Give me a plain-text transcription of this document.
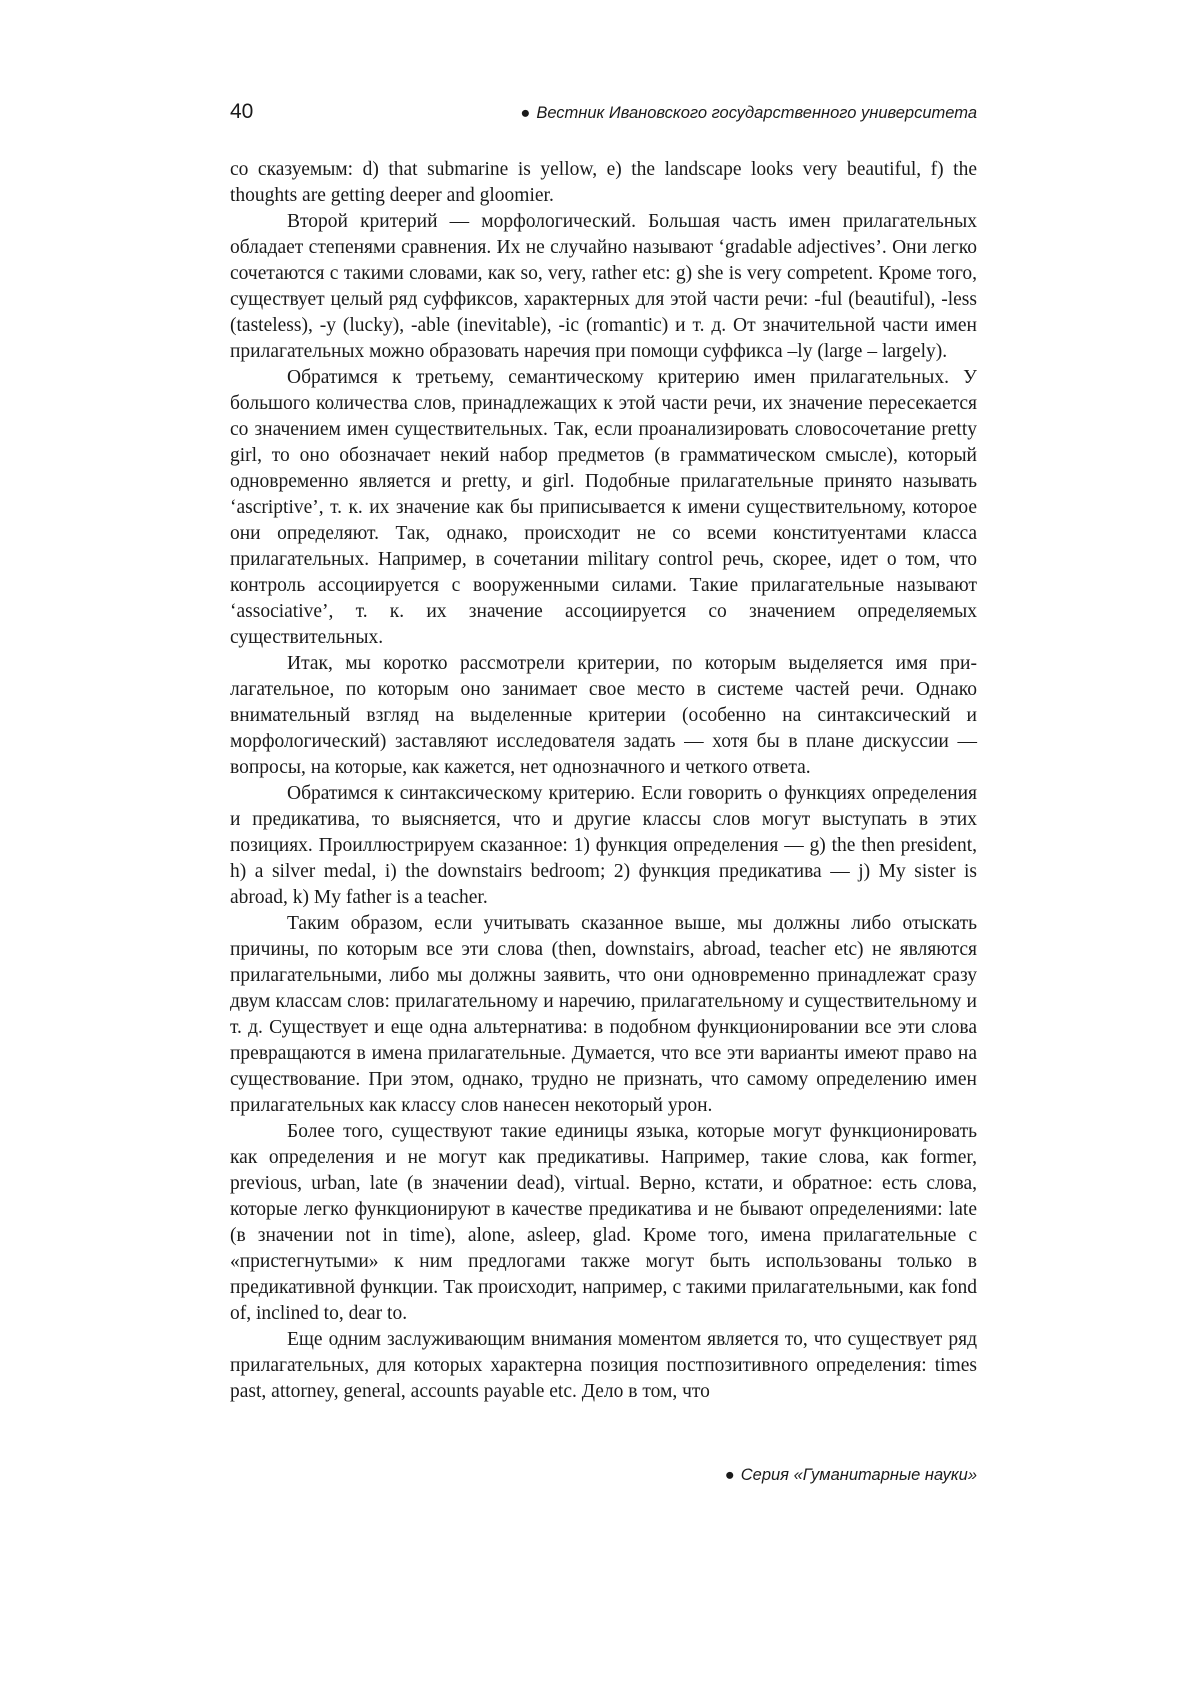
40	● Вестник Ивановского государственного университета

со сказуемым: d) that submarine is yellow, e) the landscape looks very beautiful, f) the thoughts are getting deeper and gloomier.

Второй критерий — морфологический. Большая часть имен прилага­тельных обладает степенями сравнения. Их не случайно называют ‘gradable adjectives’. Они легко сочетаются с такими словами, как so, very, rather etc: g) she is very competent. Кроме того, существует целый ряд суффиксов, харак­терных для этой части речи: -ful (beautiful), -less (tasteless), -y (lucky), -able (inevitable), -ic (romantic) и т. д. От значительной части имен прилагательных можно образовать наречия при помощи суффикса –ly (large – largely).

Обратимся к третьему, семантическому критерию имен прилагательных. У большого количества слов, принадлежащих к этой части речи, их значение пересекается со значением имен существительных. Так, если проанализировать словосочетание pretty girl, то оно обозначает некий набор предметов (в грамма­тическом смысле), который одновременно является и pretty, и girl. Подобные прилагательные принято называть ‘ascriptive’, т. к. их значение как бы приписы­вается к имени существительному, которое они определяют. Так, однако, про­исходит не со всеми конституентами класса прилагательных. Например, в соче­тании military control речь, скорее, идет о том, что контроль ассоциируется с вооруженными силами. Такие прилагательные называют ‘associative’, т. к. их значение ассоциируется со значением определяемых существительных.

Итак, мы коротко рассмотрели критерии, по которым выделяется имя при­лагательное, по которым оно занимает свое место в системе частей речи. Однако внимательный взгляд на выделенные критерии (особенно на синтаксический и морфологический) заставляют исследователя задать — хотя бы в плане дис­куссии — вопросы, на которые, как кажется, нет однозначного и четкого ответа.

Обратимся к синтаксическому критерию. Если говорить о функциях определения и предикатива, то выясняется, что и другие классы слов могут выступать в этих позициях. Проиллюстрируем сказанное: 1) функция опреде­ления — g) the then president, h) a silver medal, i) the downstairs bedroom; 2) функция предикатива — j) My sister is abroad, k) My father is a teacher.

Таким образом, если учитывать сказанное выше, мы должны либо отыс­кать причины, по которым все эти слова (then, downstairs, abroad, teacher etc) не являются прилагательными, либо мы должны заявить, что они одновре­менно принадлежат сразу двум классам слов: прилагательному и наречию, прилагательному и существительному и т. д. Существует и еще одна альтерна­тива: в подобном функционировании все эти слова превращаются в имена при­лагательные. Думается, что все эти варианты имеют право на существование. При этом, однако, трудно не признать, что самому определению имен прила­гательных как классу слов нанесен некоторый урон.

Более того, существуют такие единицы языка, которые могут функцио­нировать как определения и не могут как предикативы. Например, такие слова, как former, previous, urban, late (в значении dead), virtual. Верно, кстати, и об­ратное: есть слова, которые легко функционируют в качестве предикатива и не бывают определениями: late (в значении not in time), alone, asleep, glad. Кроме того, имена прилагательные с «пристегнутыми» к ним предлогами также могут быть использованы только в предикативной функции. Так происходит, напри­мер, с такими прилагательными, как fond of, inclined to, dear to.

Еще одним заслуживающим внимания моментом является то, что суще­ствует ряд прилагательных, для которых характерна позиция постпозитивного определения: times past, attorney, general, accounts payable etc. Дело в том, что

● Серия «Гуманитарные науки»
